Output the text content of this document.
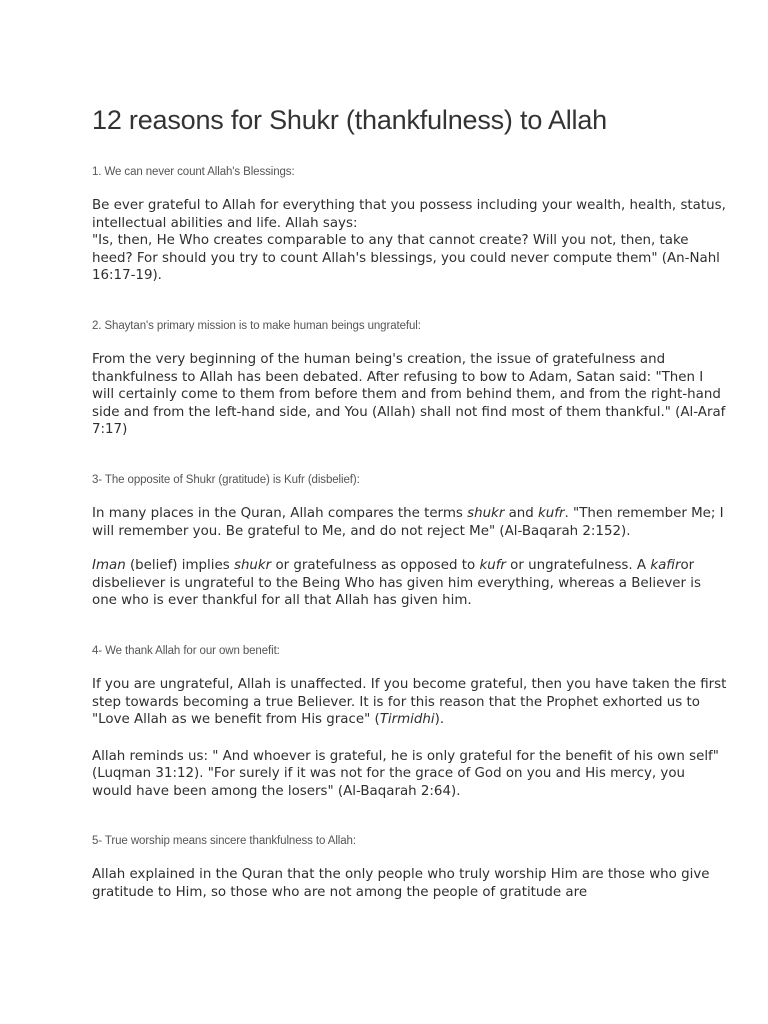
12 reasons for Shukr (thankfulness) to Allah
1. We can never count Allah's Blessings:

Be ever grateful to Allah for everything that you possess including your wealth, health, status, intellectual abilities and life. Allah says:

"Is, then, He Who creates comparable to any that cannot create? Will you not, then, take heed? For should you try to count Allah's blessings, you could never compute them" (An-Nahl 16:17-19).

2. Shaytan's primary mission is to make human beings ungrateful:

From the very beginning of the human being's creation, the issue of gratefulness and thankfulness to Allah has been debated. After refusing to bow to Adam, Satan said: "Then I will certainly come to them from before them and from behind them, and from the right-hand side and from the left-hand side, and You (Allah) shall not find most of them thankful." (Al-Araf 7:17)

3- The opposite of Shukr (gratitude) is Kufr (disbelief):

In many places in the Quran, Allah compares the terms shukr and kufr. "Then remember Me; I will remember you. Be grateful to Me, and do not reject Me" (Al-Baqarah 2:152).

Iman (belief) implies shukr or gratefulness as opposed to kufr or ungratefulness. A kafiror disbeliever is ungrateful to the Being Who has given him everything, whereas a Believer is one who is ever thankful for all that Allah has given him.

4- We thank Allah for our own benefit:

If you are ungrateful, Allah is unaffected. If you become grateful, then you have taken the first step towards becoming a true Believer. It is for this reason that the Prophet exhorted us to "Love Allah as we benefit from His grace" (Tirmidhi).

Allah reminds us: " And whoever is grateful, he is only grateful for the benefit of his own self" (Luqman 31:12). "For surely if it was not for the grace of God on you and His mercy, you would have been among the losers" (Al-Baqarah 2:64).

5- True worship means sincere thankfulness to Allah:

Allah explained in the Quran that the only people who truly worship Him are those who give gratitude to Him, so those who are not among the people of gratitude are
